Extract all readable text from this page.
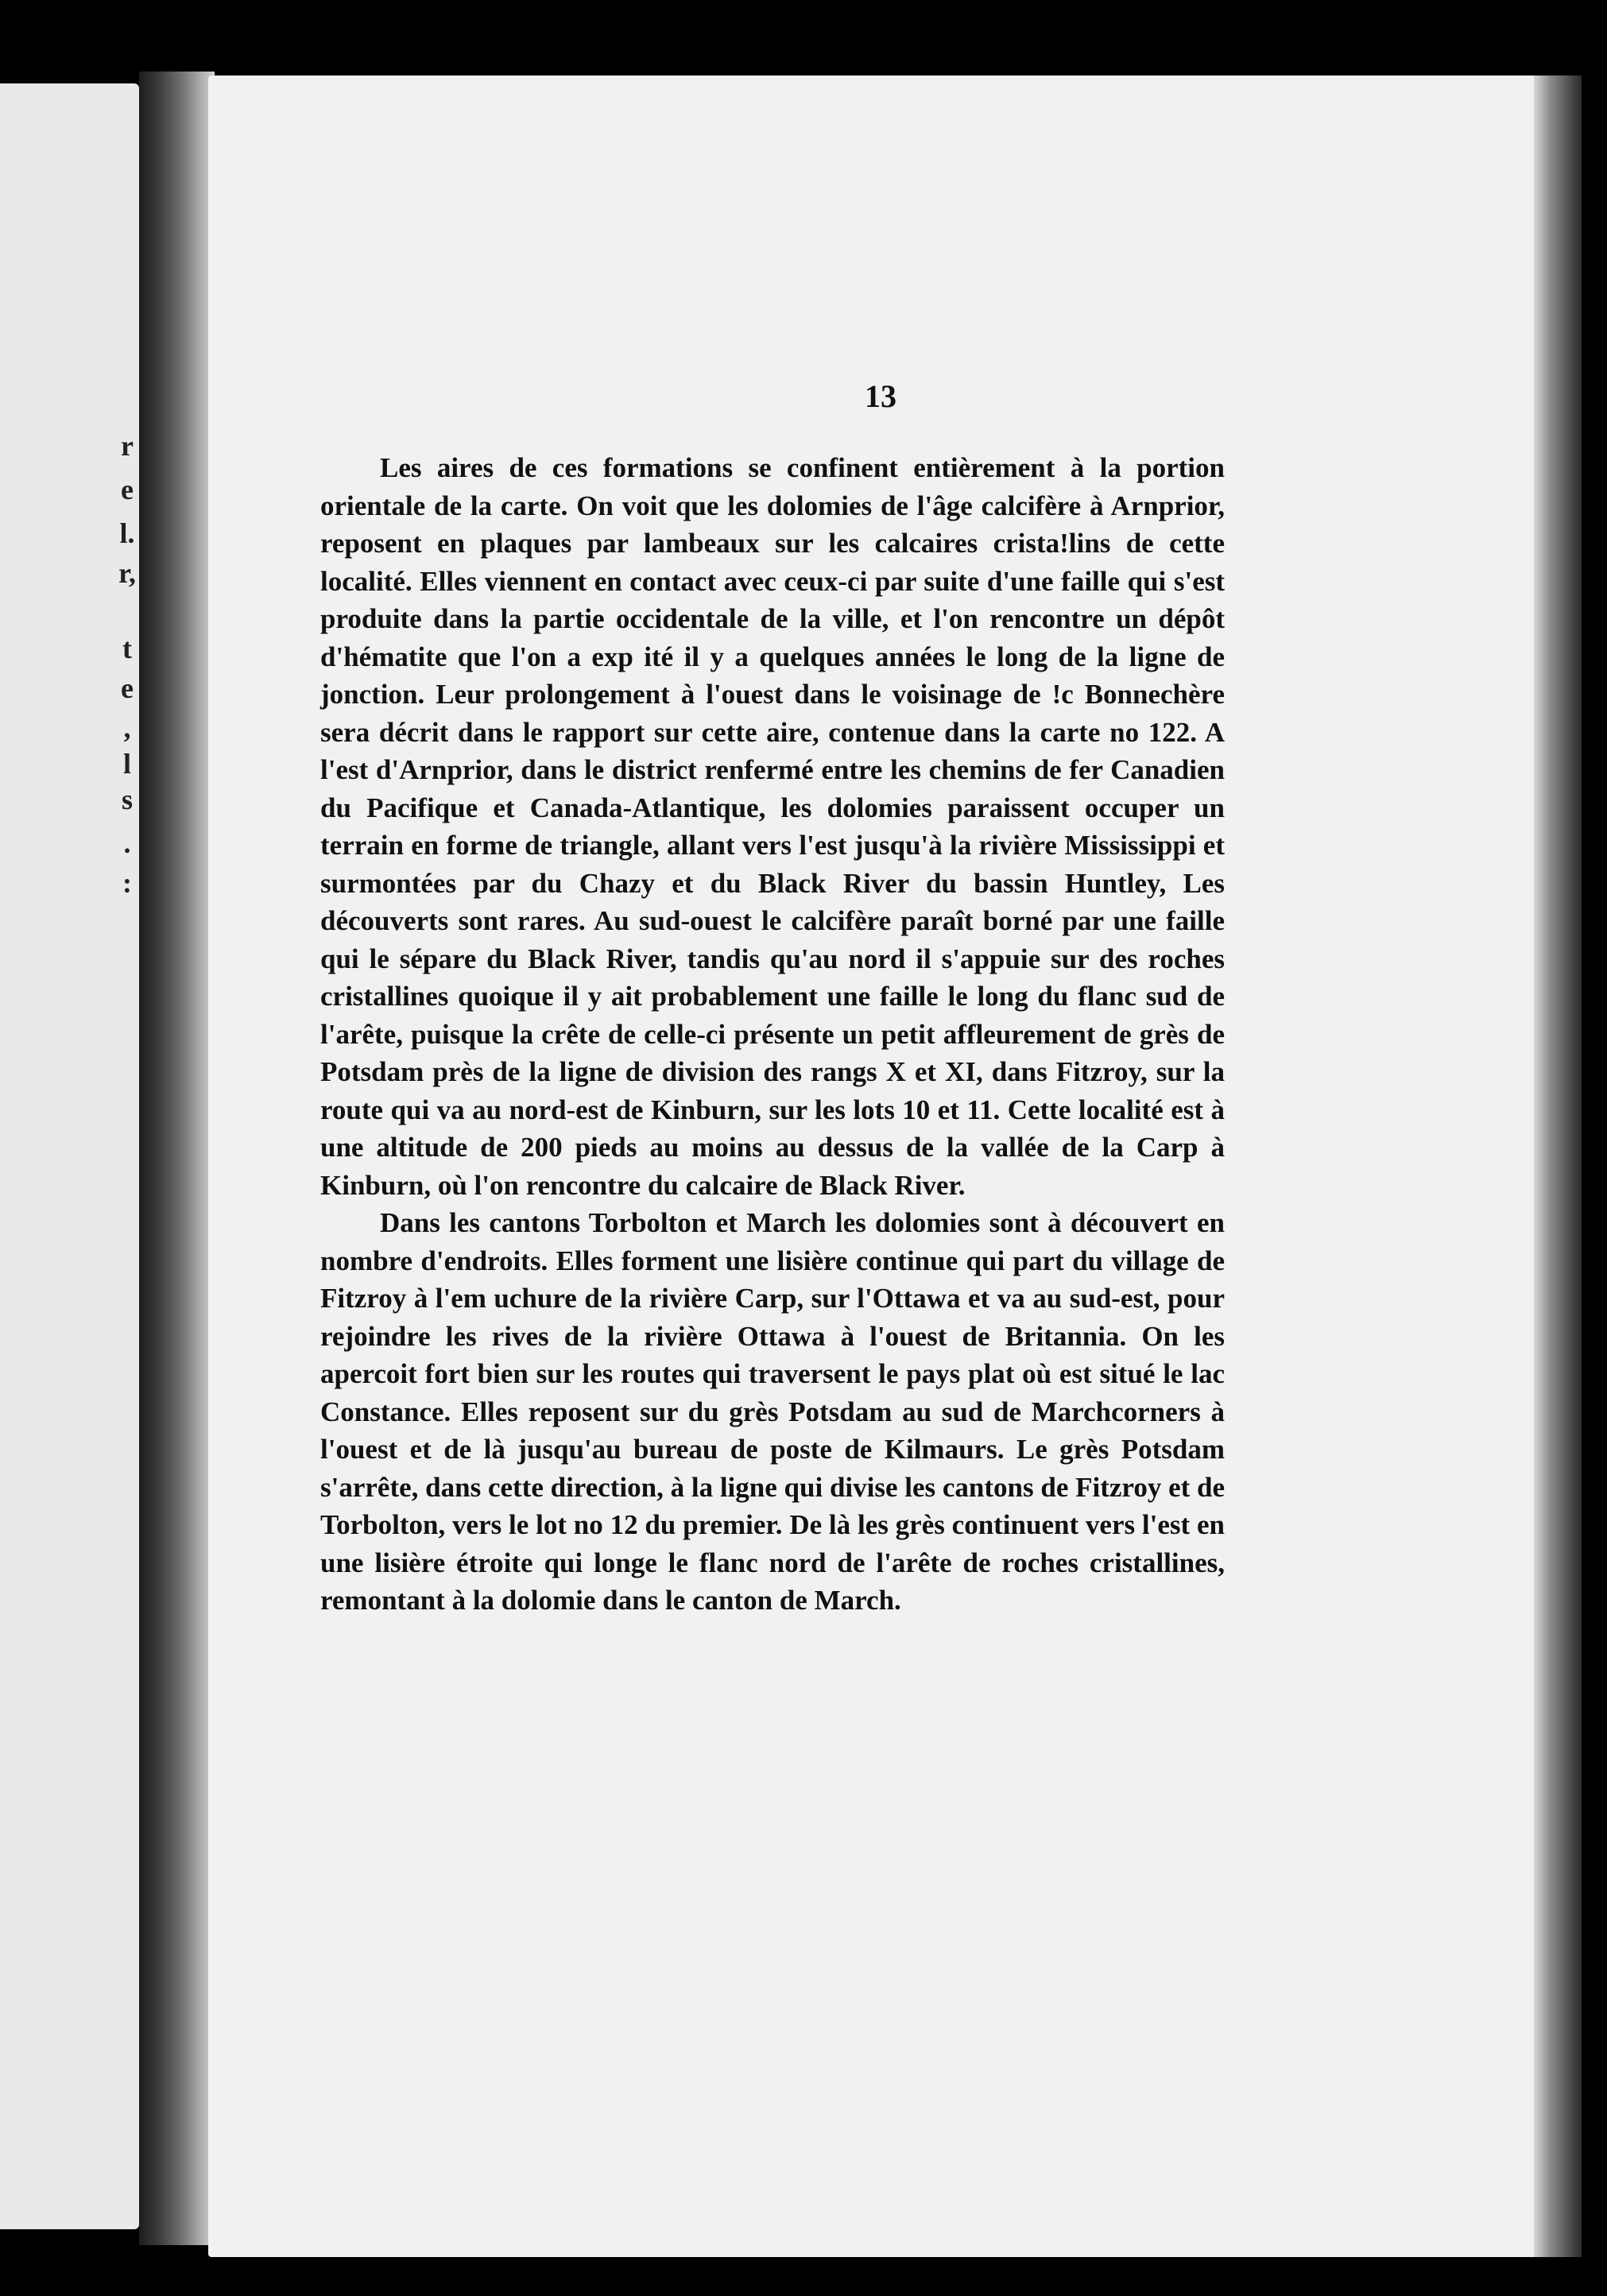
r
e
l.
r,
t
e
,
l
s
.
:
13

Les aires de ces formations se confinent entièrement à la portion orientale de la carte. On voit que les dolomies de l'âge calcifère à Arnprior, reposent en plaques par lambeaux sur les calcaires crista!lins de cette localité. Elles viennent en contact avec ceux-ci par suite d'une faille qui s'est produite dans la partie occidentale de la ville, et l'on rencontre un dépôt d'hématite que l'on a exp ité il y a quelques années le long de la ligne de jonction. Leur prolongement à l'ouest dans le voisinage de !c Bonnechère sera décrit dans le rapport sur cette aire, contenue dans la carte no 122. A l'est d'Arnprior, dans le district renfermé entre les chemins de fer Canadien du Pacifique et Canada-Atlantique, les dolomies paraissent occuper un terrain en forme de triangle, allant vers l'est jusqu'à la rivière Mississippi et surmontées par du Chazy et du Black River du bassin Huntley, Les découverts sont rares. Au sud-ouest le calcifère paraît borné par une faille qui le sépare du Black River, tandis qu'au nord il s'appuie sur des roches cristallines quoique il y ait probablement une faille le long du flanc sud de l'arête, puisque la crête de celle-ci présente un petit affleurement de grès de Potsdam près de la ligne de division des rangs X et XI, dans Fitzroy, sur la route qui va au nord-est de Kinburn, sur les lots 10 et 11. Cette localité est à une altitude de 200 pieds au moins au dessus de la vallée de la Carp à Kinburn, où l'on rencontre du calcaire de Black River.

Dans les cantons Torbolton et March les dolomies sont à découvert en nombre d'endroits. Elles forment une lisière continue qui part du village de Fitzroy à l'em uchure de la rivière Carp, sur l'Ottawa et va au sud-est, pour rejoindre les rives de la rivière Ottawa à l'ouest de Britannia. On les apercoit fort bien sur les routes qui traversent le pays plat où est situé le lac Constance. Elles reposent sur du grès Potsdam au sud de Marchcorners à l'ouest et de là jusqu'au bureau de poste de Kilmaurs. Le grès Potsdam s'arrête, dans cette direction, à la ligne qui divise les cantons de Fitzroy et de Torbolton, vers le lot no 12 du premier. De là les grès continuent vers l'est en une lisière étroite qui longe le flanc nord de l'arête de roches cristallines, remontant à la dolomie dans le canton de March.
